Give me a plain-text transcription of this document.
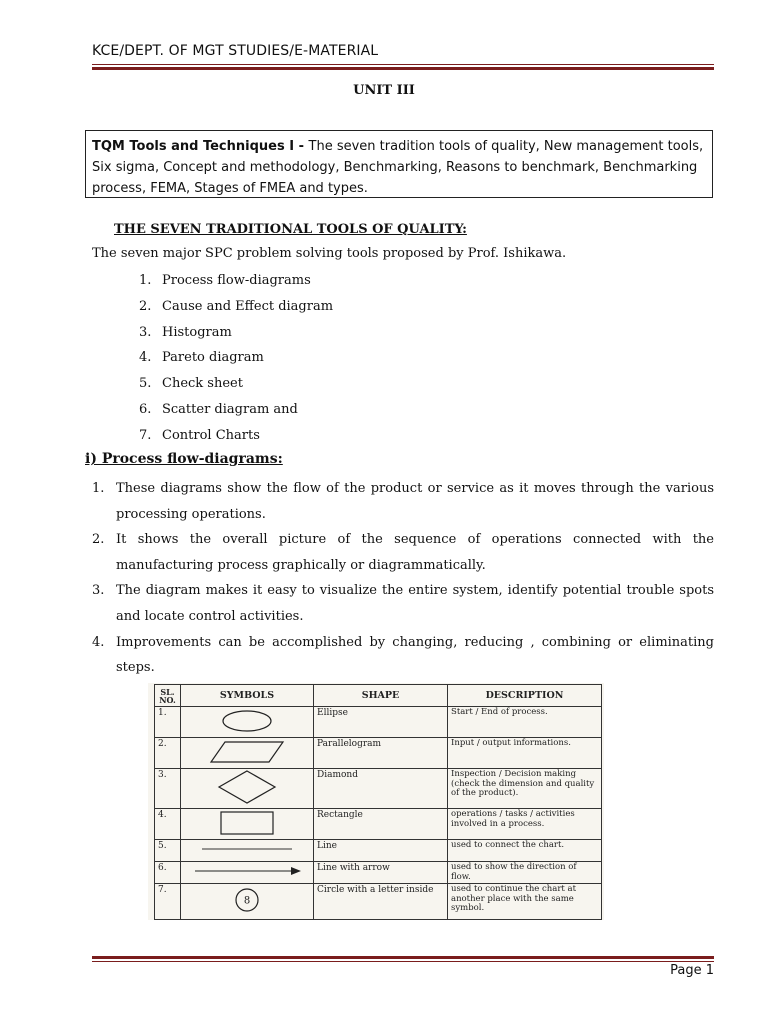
KCE/DEPT. OF MGT STUDIES/E-MATERIAL
UNIT III
TQM Tools and Techniques I - The seven tradition tools of quality, New management tools, Six sigma, Concept and methodology, Benchmarking, Reasons to benchmark, Benchmarking process, FEMA, Stages of FMEA and types.
THE SEVEN TRADITIONAL TOOLS OF QUALITY:
The seven major SPC problem solving tools proposed by Prof. Ishikawa.
1. Process flow-diagrams
2. Cause and Effect diagram
3. Histogram
4. Pareto diagram
5. Check sheet
6. Scatter diagram and
7. Control Charts
i) Process flow-diagrams:
1. These diagrams show the flow of the product or service as it moves through the various processing operations.
2. It shows the overall picture of the sequence of operations connected with the manufacturing process graphically or diagrammatically.
3. The diagram makes it easy to visualize the entire system, identify potential trouble spots and locate control activities.
4. Improvements can be accomplished by changing, reducing , combining or eliminating steps.
SL. NO.	SYMBOLS	SHAPE	DESCRIPTION
1.		Ellipse	Start / End of process.
2.		Parallelogram	Input / output informations.
3.		Diamond	Inspection / Decision making (check the dimension and quality of the product).
4.		Rectangle	operations / tasks / activities involved in a process.
5.		Line	used to connect the chart.
6.		Line with arrow	used to show the direction of flow.
7.	8	Circle with a letter inside	used to continue the chart at another place with the same symbol.
Page 1
